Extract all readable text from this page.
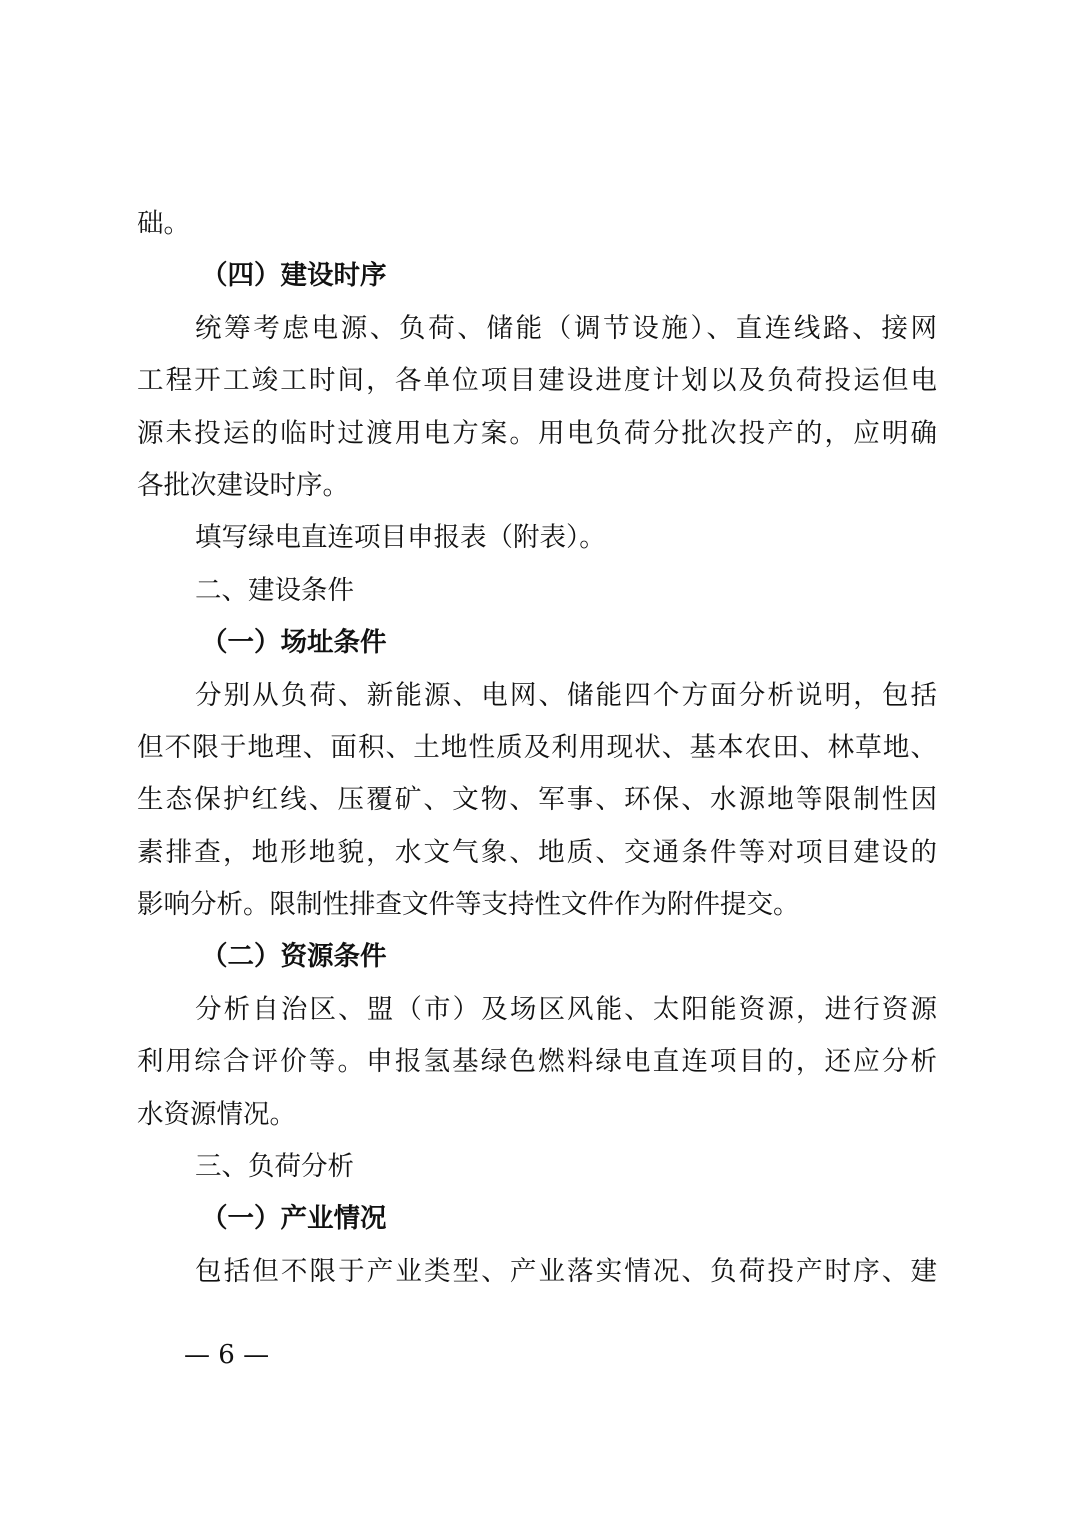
础。
（四）建设时序
统筹考虑电源、负荷、储能（调节设施）、直连线路、接网
工程开工竣工时间，各单位项目建设进度计划以及负荷投运但电
源未投运的临时过渡用电方案。用电负荷分批次投产的，应明确
各批次建设时序。
填写绿电直连项目申报表（附表）。
二、建设条件
（一）场址条件
分别从负荷、新能源、电网、储能四个方面分析说明，包括
但不限于地理、面积、土地性质及利用现状、基本农田、林草地、
生态保护红线、压覆矿、文物、军事、环保、水源地等限制性因
素排查，地形地貌，水文气象、地质、交通条件等对项目建设的
影响分析。限制性排查文件等支持性文件作为附件提交。
（二）资源条件
分析自治区、盟（市）及场区风能、太阳能资源，进行资源
利用综合评价等。申报氢基绿色燃料绿电直连项目的，还应分析
水资源情况。
三、负荷分析
（一）产业情况
包括但不限于产业类型、产业落实情况、负荷投产时序、建
— 6 —
